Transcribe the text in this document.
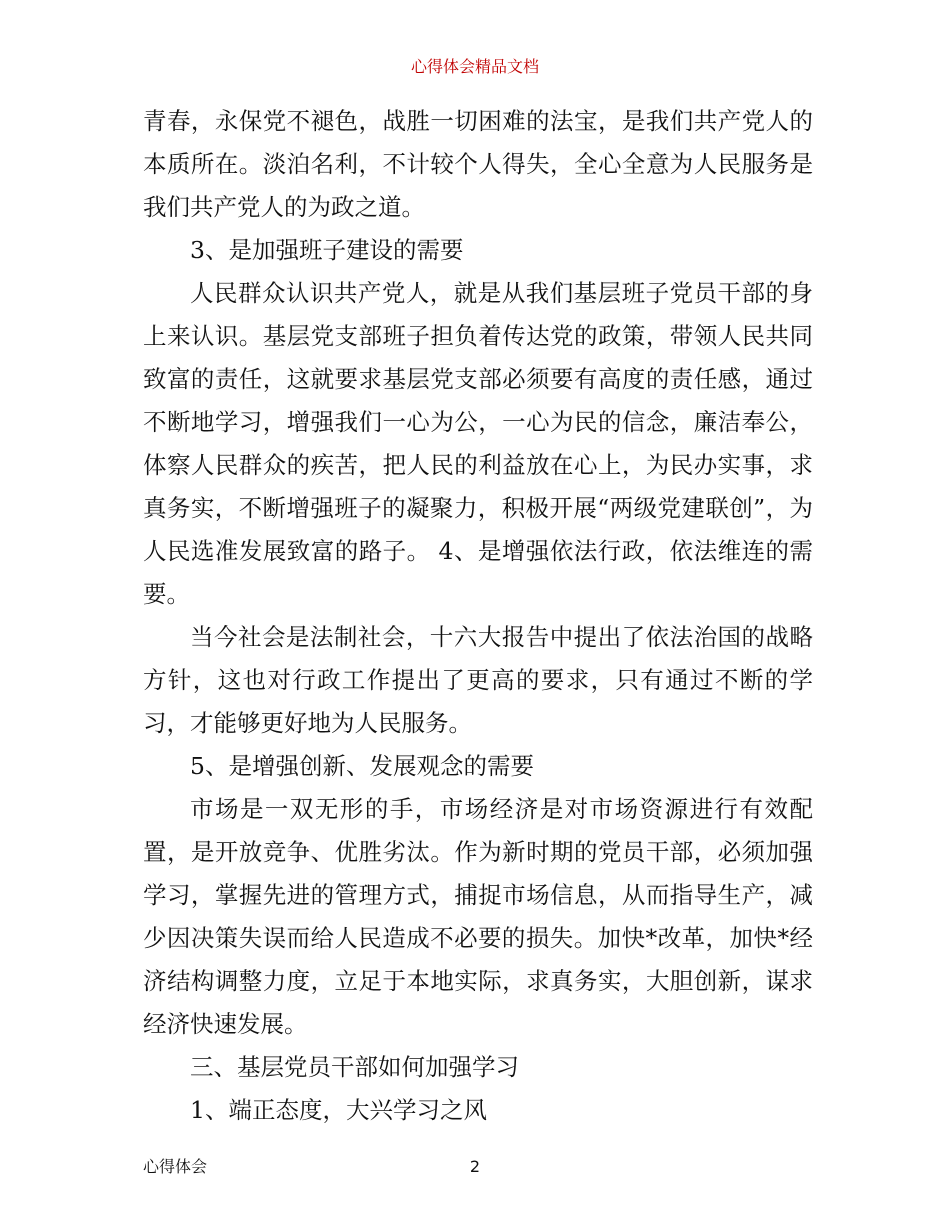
心得体会精品文档

青春，永保党不褪色，战胜一切困难的法宝，是我们共产党人的本质所在。淡泊名利，不计较个人得失，全心全意为人民服务是我们共产党人的为政之道。

3、是加强班子建设的需要

人民群众认识共产党人，就是从我们基层班子党员干部的身上来认识。基层党支部班子担负着传达党的政策，带领人民共同致富的责任，这就要求基层党支部必须要有高度的责任感，通过不断地学习，增强我们一心为公，一心为民的信念，廉洁奉公，体察人民群众的疾苦，把人民的利益放在心上，为民办实事，求真务实，不断增强班子的凝聚力，积极开展“两级党建联创”，为人民选准发展致富的路子。 4、是增强依法行政，依法维连的需要。

当今社会是法制社会，十六大报告中提出了依法治国的战略方针，这也对行政工作提出了更高的要求，只有通过不断的学习，才能够更好地为人民服务。

5、是增强创新、发展观念的需要

市场是一双无形的手，市场经济是对市场资源进行有效配置，是开放竞争、优胜劣汰。作为新时期的党员干部，必须加强学习，掌握先进的管理方式，捕捉市场信息，从而指导生产，减少因决策失误而给人民造成不必要的损失。加快*改革，加快*经济结构调整力度，立足于本地实际，求真务实，大胆创新，谋求经济快速发展。

三、基层党员干部如何加强学习

1、端正态度，大兴学习之风

心得体会	2
